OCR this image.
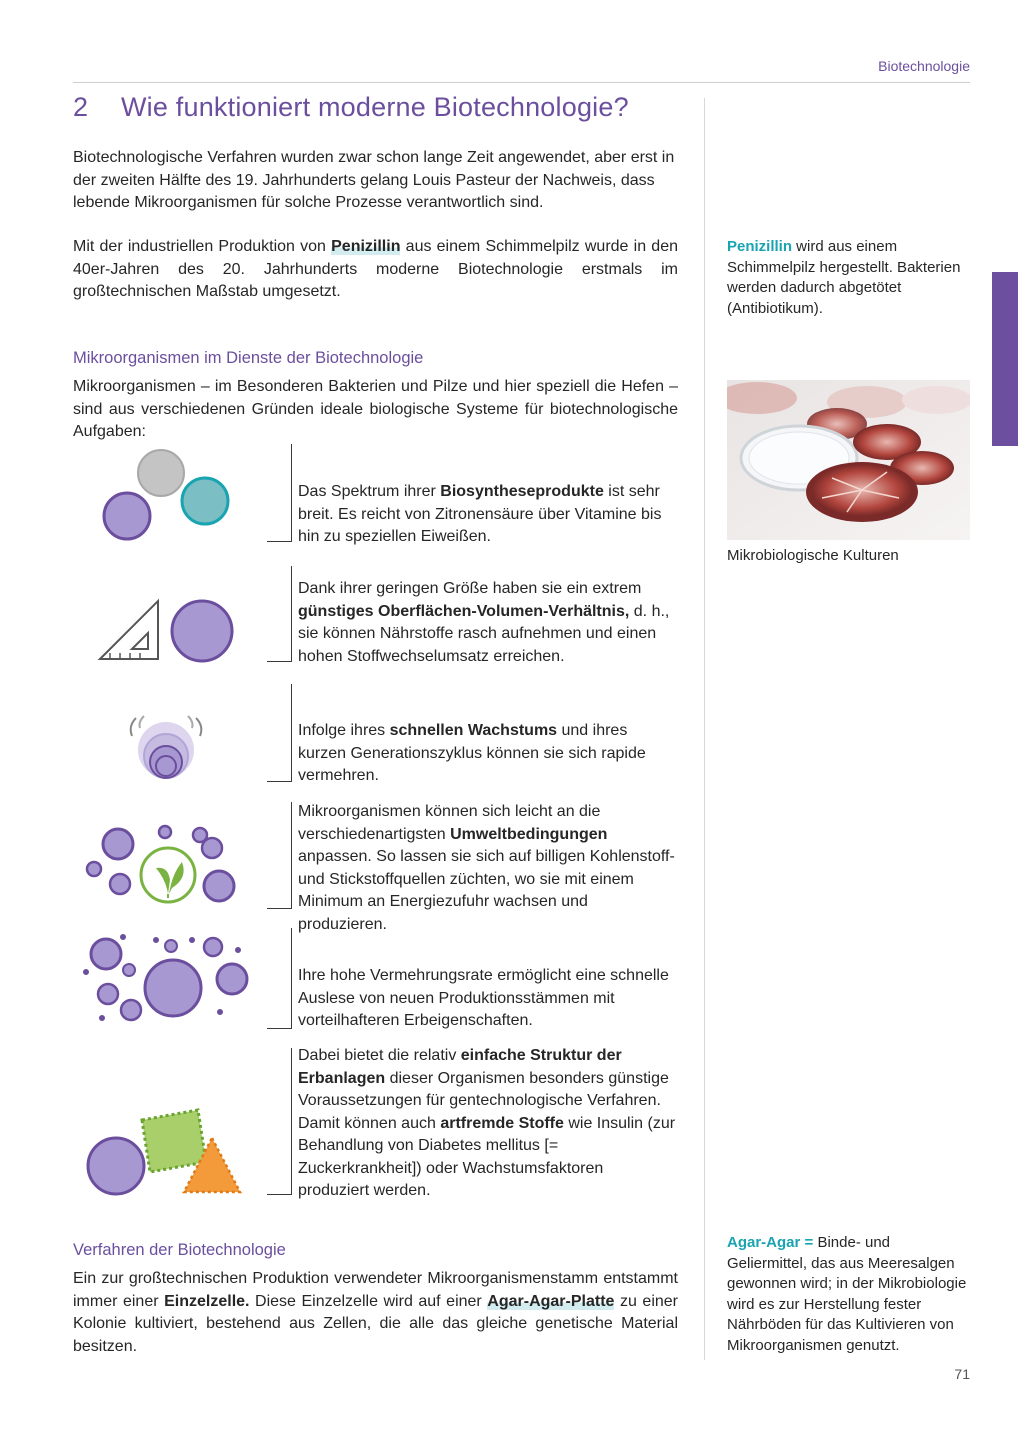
Biotechnologie
2 Wie funktioniert moderne Biotechnologie?
Biotechnologische Verfahren wurden zwar schon lange Zeit angewendet, aber erst in der zweiten Hälfte des 19. Jahrhunderts gelang Louis Pasteur der Nachweis, dass lebende Mikroorganismen für solche Prozesse verantwortlich sind.
Mit der industriellen Produktion von Penizillin aus einem Schimmelpilz wurde in den 40er-Jahren des 20. Jahrhunderts moderne Biotechnologie erstmals im großtechnischen Maßstab umgesetzt.
Mikroorganismen im Dienste der Biotechnologie
Mikroorganismen – im Besonderen Bakterien und Pilze und hier speziell die Hefen – sind aus verschiedenen Gründen ideale biologische Systeme für biotechnologische Aufgaben:
Das Spektrum ihrer Biosyntheseprodukte ist sehr breit. Es reicht von Zitronensäure über Vitamine bis hin zu speziellen Eiweißen.
Dank ihrer geringen Größe haben sie ein extrem günstiges Oberflächen-Volumen-Verhältnis, d. h., sie können Nährstoffe rasch aufnehmen und einen hohen Stoffwechselumsatz erreichen.
Infolge ihres schnellen Wachstums und ihres kurzen Generationszyklus können sie sich rapide vermehren.
Mikroorganismen können sich leicht an die verschiedenartigsten Umweltbedingungen anpassen. So lassen sie sich auf billigen Kohlenstoff- und Stickstoffquellen züchten, wo sie mit einem Minimum an Energiezufuhr wachsen und produzieren.
Ihre hohe Vermehrungsrate ermöglicht eine schnelle Auslese von neuen Produktionsstämmen mit vorteilhafteren Erbeigenschaften.
Dabei bietet die relativ einfache Struktur der Erbanlagen dieser Organismen besonders günstige Voraussetzungen für gentechnologische Verfahren. Damit können auch artfremde Stoffe wie Insulin (zur Behandlung von Diabetes mellitus [= Zuckerkrankheit]) oder Wachstumsfaktoren produziert werden.
Verfahren der Biotechnologie
Ein zur großtechnischen Produktion verwendeter Mikroorganismenstamm entstammt immer einer Einzelzelle. Diese Einzelzelle wird auf einer Agar-Agar-Platte zu einer Kolonie kultiviert, bestehend aus Zellen, die alle das gleiche genetische Material besitzen.
Penizillin wird aus einem Schimmelpilz hergestellt. Bakterien werden dadurch abgetötet (Antibiotikum).
Mikrobiologische Kulturen
Agar-Agar = Binde- und Geliermittel, das aus Meeresalgen gewonnen wird; in der Mikrobiologie wird es zur Herstellung fester Nährböden für das Kultivieren von Mikroorganismen genutzt.
71
